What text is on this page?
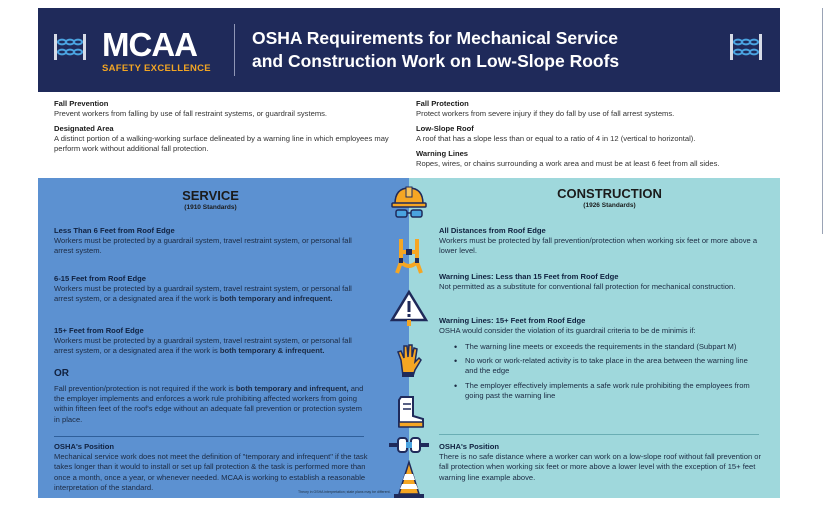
MCAA
SAFETY EXCELLENCE
OSHA Requirements for Mechanical Service
and Construction Work on Low-Slope Roofs
Fall Prevention
Prevent workers from falling by use of fall restraint systems, or guardrail systems.
Designated Area
A distinct portion of a walking-working surface delineated by a warning line in which employees may perform work without additional fall protection.
Fall Protection
Protect workers from severe injury if they do fall by use of fall arrest systems.
Low-Slope Roof
A roof that has a slope less than or equal to a ratio of 4 in 12 (vertical to horizontal).
Warning Lines
Ropes, wires, or chains surrounding a work area and must be at least 6 feet from all sides.
SERVICE
(1910 Standards)
Less Than 6 Feet from Roof Edge
Workers must be protected by a guardrail system, travel restraint system, or personal fall arrest system.
6-15 Feet from Roof Edge
Workers must be protected by a guardrail system, travel restraint system, or personal fall arrest system, or a designated area if the work is both temporary and infrequent.
15+ Feet from Roof Edge
Workers must be protected by a guardrail system, travel restraint system, or personal fall arrest system, or a designated area if the work is both temporary & infrequent.
OR
Fall prevention/protection is not required if the work is both temporary and infrequent, and the employer implements and enforces a work rule prohibiting affected workers from going within fifteen feet of the roof's edge without an adequate fall prevention or protection system in place.
OSHA's Position
Mechanical service work does not meet the definition of "temporary and infrequent" if the task takes longer than it would to install or set up fall protection & the task is performed more than once a month, once a year, or whenever needed. MCAA is working to establish a reasonable interpretation of the standard.
CONSTRUCTION
(1926 Standards)
All Distances from Roof Edge
Workers must be protected by fall prevention/protection when working six feet or more above a lower level.
Warning Lines: Less than 15 Feet from Roof Edge
Not permitted as a substitute for conventional fall protection for mechanical construction.
Warning Lines: 15+ Feet from Roof Edge
OSHA would consider the violation of its guardrail criteria to be de minimis if:
• The warning line meets or exceeds the requirements in the standard (Subpart M)
• No work or work-related activity is to take place in the area between the warning line and the edge
• The employer effectively implements a safe work rule prohibiting the employees from going past the warning line
OSHA's Position
There is no safe distance where a worker can work on a low-slope roof without fall prevention or fall protection when working six feet or more above a lower level with the exception of 15+ feet warning line example above.
Theory in OSHA interpretation; state plans may be different.
